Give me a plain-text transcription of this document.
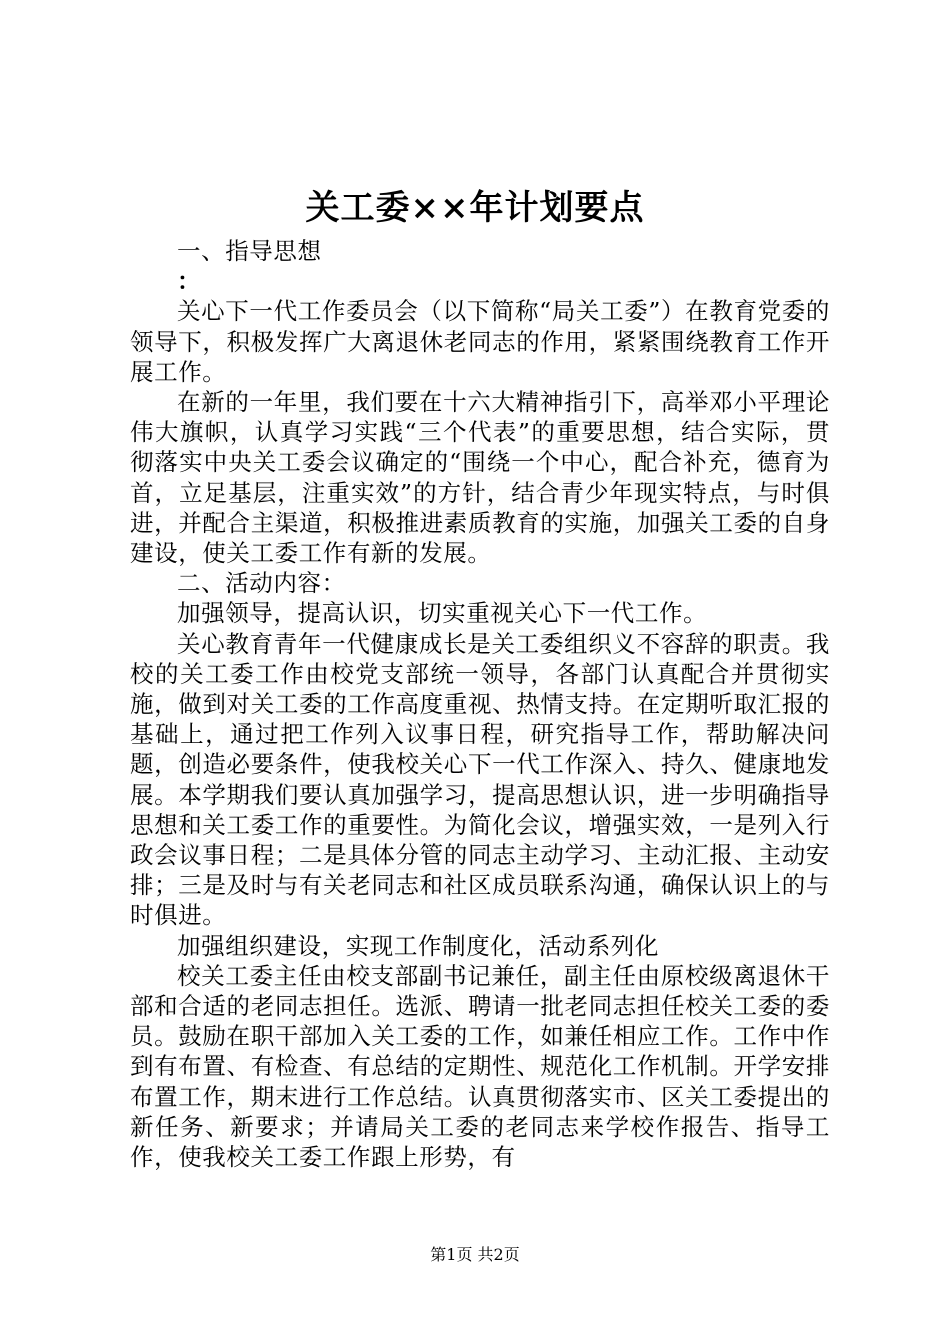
关工委××年计划要点

一、指导思想

：

关心下一代工作委员会（以下简称“局关工委”）在教育党委的领导下，积极发挥广大离退休老同志的作用，紧紧围绕教育工作开展工作。

在新的一年里，我们要在十六大精神指引下，高举邓小平理论伟大旗帜，认真学习实践“三个代表”的重要思想，结合实际，贯彻落实中央关工委会议确定的“围绕一个中心，配合补充，德育为首，立足基层，注重实效”的方针，结合青少年现实特点，与时俱进，并配合主渠道，积极推进素质教育的实施，加强关工委的自身建设，使关工委工作有新的发展。

二、活动内容：

加强领导，提高认识，切实重视关心下一代工作。

关心教育青年一代健康成长是关工委组织义不容辞的职责。我校的关工委工作由校党支部统一领导，各部门认真配合并贯彻实施，做到对关工委的工作高度重视、热情支持。在定期听取汇报的基础上，通过把工作列入议事日程，研究指导工作，帮助解决问题，创造必要条件，使我校关心下一代工作深入、持久、健康地发展。本学期我们要认真加强学习，提高思想认识，进一步明确指导思想和关工委工作的重要性。为简化会议，增强实效，一是列入行政会议事日程；二是具体分管的同志主动学习、主动汇报、主动安排；三是及时与有关老同志和社区成员联系沟通，确保认识上的与时俱进。

加强组织建设，实现工作制度化，活动系列化

校关工委主任由校支部副书记兼任，副主任由原校级离退休干部和合适的老同志担任。选派、聘请一批老同志担任校关工委的委员。鼓励在职干部加入关工委的工作，如兼任相应工作。工作中作到有布置、有检查、有总结的定期性、规范化工作机制。开学安排布置工作，期末进行工作总结。认真贯彻落实市、区关工委提出的新任务、新要求；并请局关工委的老同志来学校作报告、指导工作，使我校关工委工作跟上形势，有

第1页 共2页
